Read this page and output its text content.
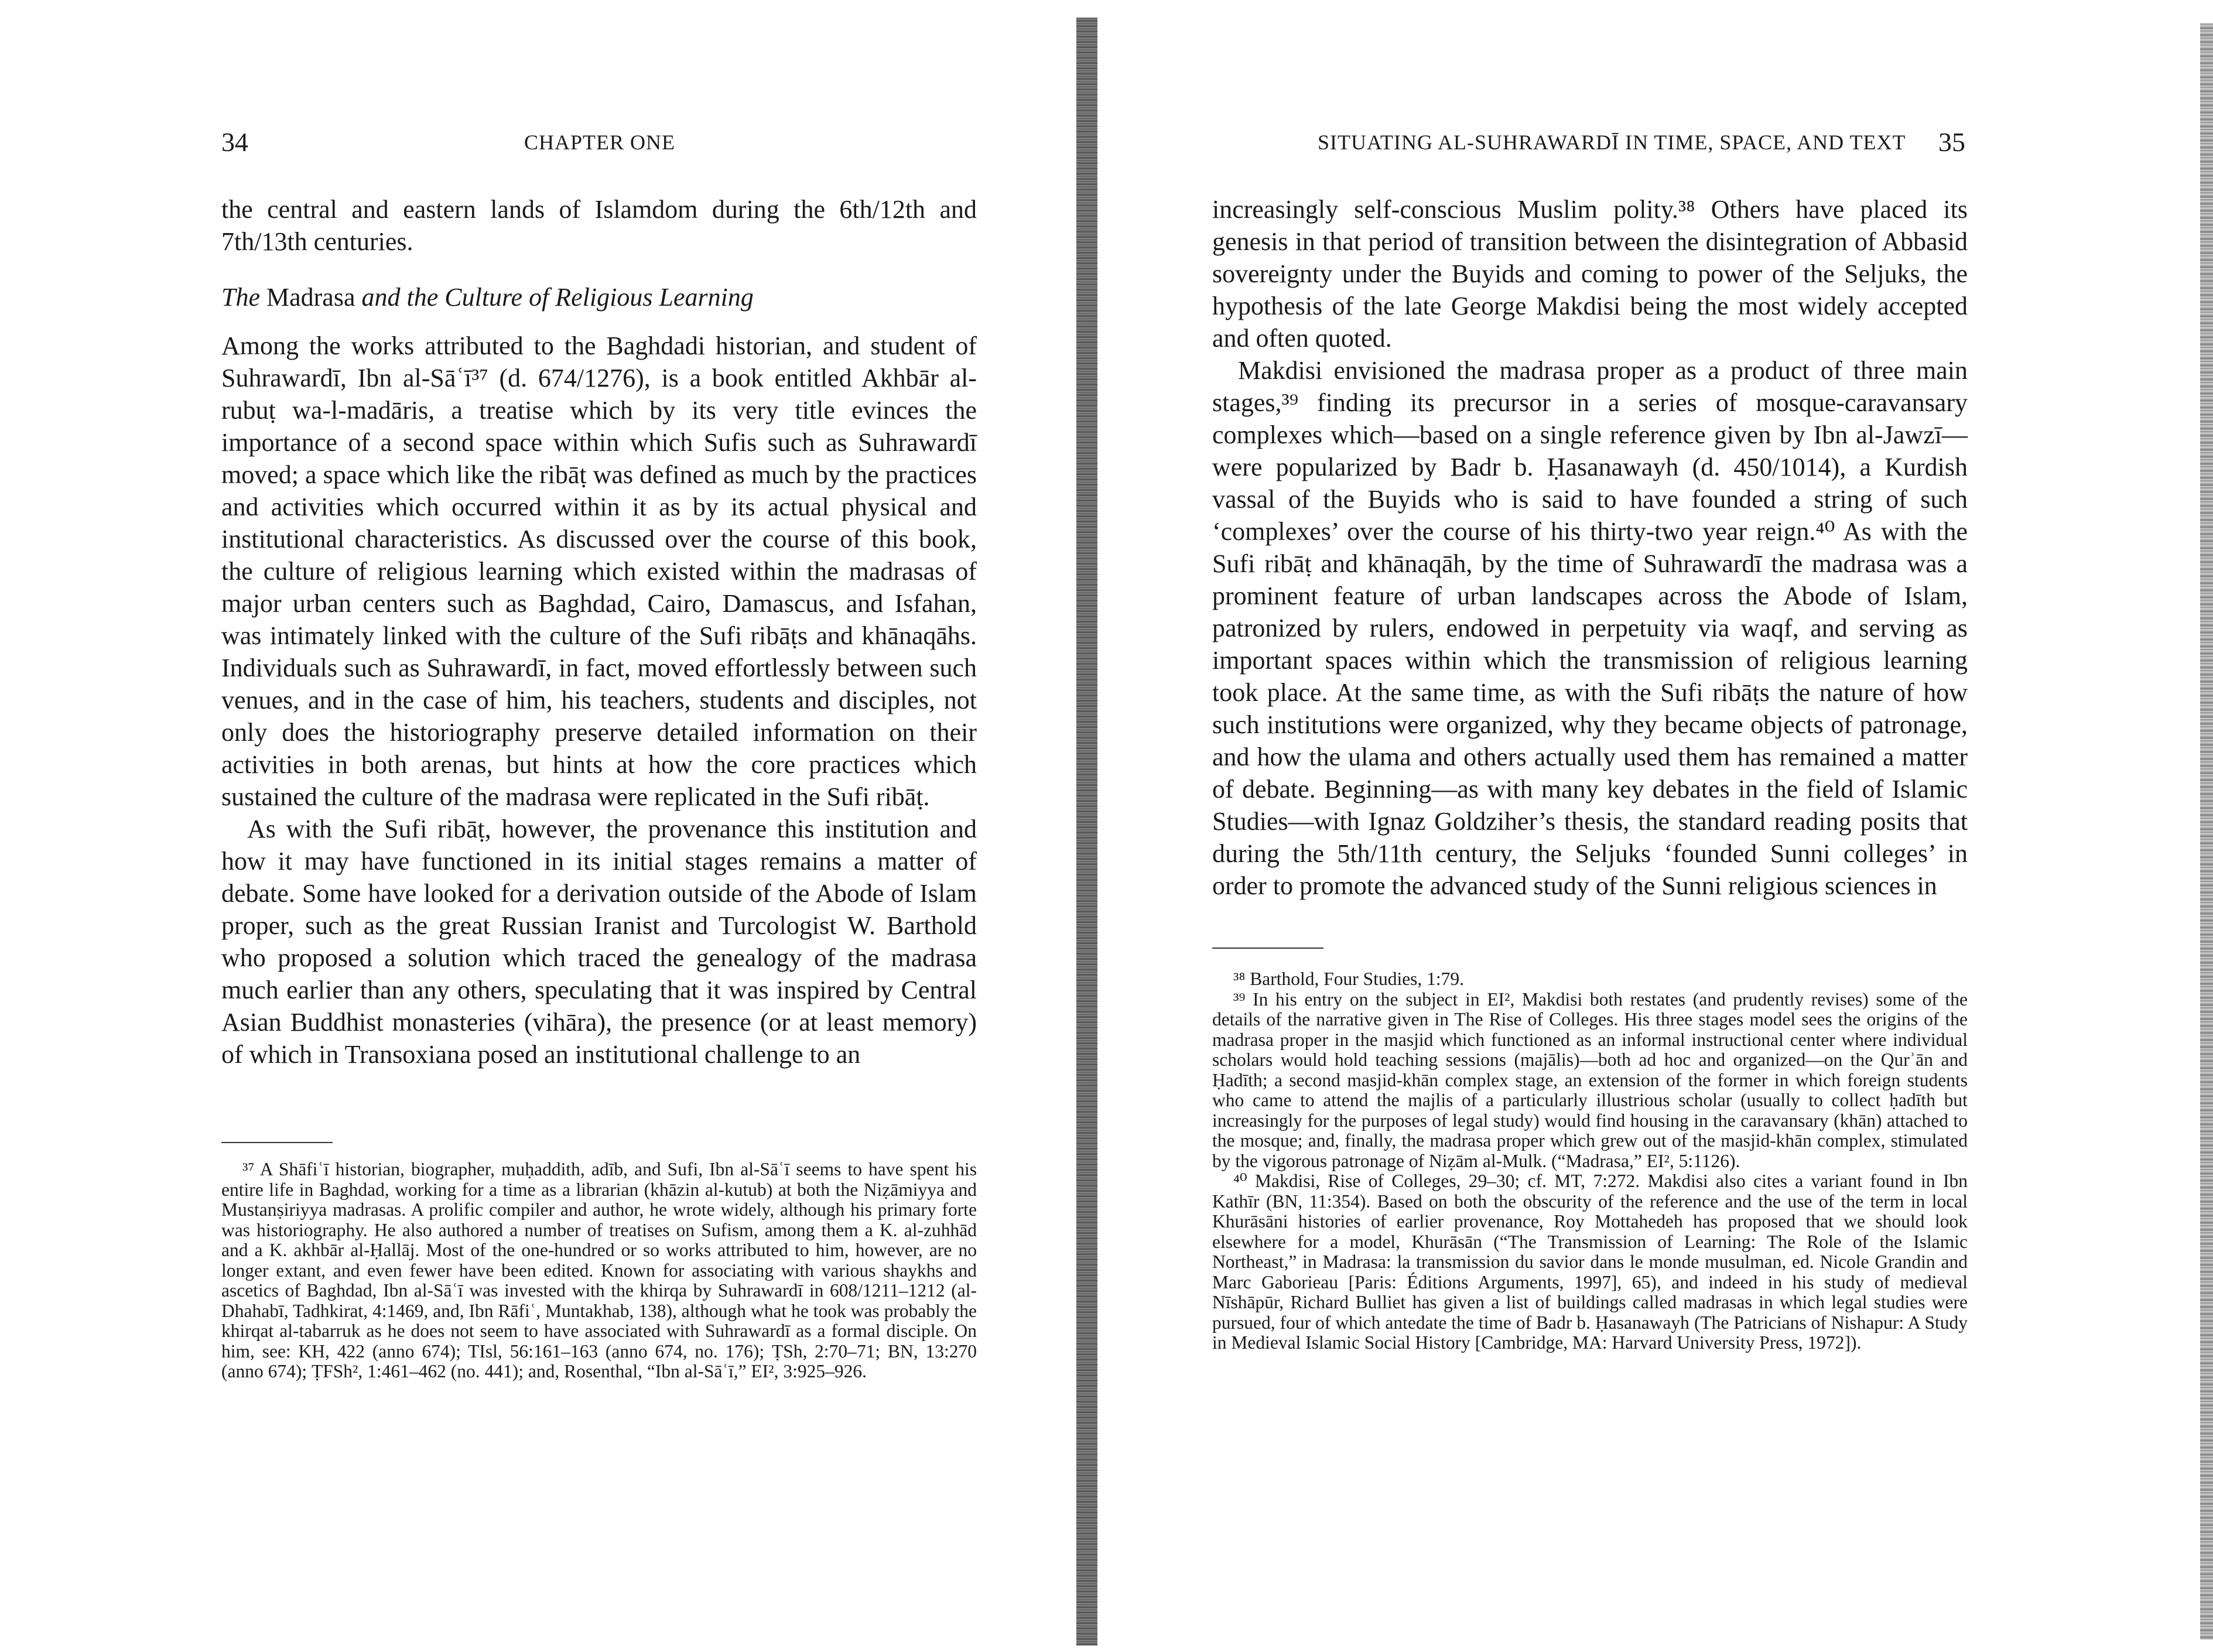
34	CHAPTER ONE

the central and eastern lands of Islamdom during the 6th/12th and 7th/13th centuries.

The Madrasa and the Culture of Religious Learning

Among the works attributed to the Baghdadi historian, and student of Suhrawardī, Ibn al-Sāʿī³⁷ (d. 674/1276), is a book entitled Akhbār al-rubuṭ wa-l-madāris, a treatise which by its very title evinces the importance of a second space within which Sufis such as Suhrawardī moved; a space which like the ribāṭ was defined as much by the practices and activities which occurred within it as by its actual physical and institutional characteristics. As discussed over the course of this book, the culture of religious learning which existed within the madrasas of major urban centers such as Baghdad, Cairo, Damascus, and Isfahan, was intimately linked with the culture of the Sufi ribāṭs and khānaqāhs. Individuals such as Suhrawardī, in fact, moved effortlessly between such venues, and in the case of him, his teachers, students and disciples, not only does the historiography preserve detailed information on their activities in both arenas, but hints at how the core practices which sustained the culture of the madrasa were replicated in the Sufi ribāṭ.

As with the Sufi ribāṭ, however, the provenance this institution and how it may have functioned in its initial stages remains a matter of debate. Some have looked for a derivation outside of the Abode of Islam proper, such as the great Russian Iranist and Turcologist W. Barthold who proposed a solution which traced the genealogy of the madrasa much earlier than any others, speculating that it was inspired by Central Asian Buddhist monasteries (vihāra), the presence (or at least memory) of which in Transoxiana posed an institutional challenge to an

³⁷ A Shāfiʿī historian, biographer, muḥaddith, adīb, and Sufi, Ibn al-Sāʿī seems to have spent his entire life in Baghdad, working for a time as a librarian (khāzin al-kutub) at both the Niẓāmiyya and Mustanṣiriyya madrasas. A prolific compiler and author, he wrote widely, although his primary forte was historiography. He also authored a number of treatises on Sufism, among them a K. al-zuhhād and a K. akhbār al-Ḥallāj. Most of the one-hundred or so works attributed to him, however, are no longer extant, and even fewer have been edited. Known for associating with various shaykhs and ascetics of Baghdad, Ibn al-Sāʿī was invested with the khirqa by Suhrawardī in 608/1211–1212 (al-Dhahabī, Tadhkirat, 4:1469, and, Ibn Rāfiʿ, Muntakhab, 138), although what he took was probably the khirqat al-tabarruk as he does not seem to have associated with Suhrawardī as a formal disciple. On him, see: KH, 422 (anno 674); TIsl, 56:161–163 (anno 674, no. 176); ṬSh, 2:70–71; BN, 13:270 (anno 674); ṬFSh², 1:461–462 (no. 441); and, Rosenthal, “Ibn al-Sāʿī,” EI², 3:925–926.

SITUATING AL-SUHRAWARDĪ IN TIME, SPACE, AND TEXT 35

increasingly self-conscious Muslim polity.³⁸ Others have placed its genesis in that period of transition between the disintegration of Abbasid sovereignty under the Buyids and coming to power of the Seljuks, the hypothesis of the late George Makdisi being the most widely accepted and often quoted.

Makdisi envisioned the madrasa proper as a product of three main stages,³⁹ finding its precursor in a series of mosque-caravansary complexes which—based on a single reference given by Ibn al-Jawzī—were popularized by Badr b. Ḥasanawayh (d. 450/1014), a Kurdish vassal of the Buyids who is said to have founded a string of such ‘complexes’ over the course of his thirty-two year reign.⁴⁰ As with the Sufi ribāṭ and khānaqāh, by the time of Suhrawardī the madrasa was a prominent feature of urban landscapes across the Abode of Islam, patronized by rulers, endowed in perpetuity via waqf, and serving as important spaces within which the transmission of religious learning took place. At the same time, as with the Sufi ribāṭs the nature of how such institutions were organized, why they became objects of patronage, and how the ulama and others actually used them has remained a matter of debate. Beginning—as with many key debates in the field of Islamic Studies—with Ignaz Goldziher’s thesis, the standard reading posits that during the 5th/11th century, the Seljuks ‘founded Sunni colleges’ in order to promote the advanced study of the Sunni religious sciences in

³⁸ Barthold, Four Studies, 1:79.

³⁹ In his entry on the subject in EI², Makdisi both restates (and prudently revises) some of the details of the narrative given in The Rise of Colleges. His three stages model sees the origins of the madrasa proper in the masjid which functioned as an informal instructional center where individual scholars would hold teaching sessions (majālis)—both ad hoc and organized—on the Qurʾān and Ḥadīth; a second masjid-khān complex stage, an extension of the former in which foreign students who came to attend the majlis of a particularly illustrious scholar (usually to collect ḥadīth but increasingly for the purposes of legal study) would find housing in the caravansary (khān) attached to the mosque; and, finally, the madrasa proper which grew out of the masjid-khān complex, stimulated by the vigorous patronage of Niẓām al-Mulk. (“Madrasa,” EI², 5:1126).

⁴⁰ Makdisi, Rise of Colleges, 29–30; cf. MT, 7:272. Makdisi also cites a variant found in Ibn Kathīr (BN, 11:354). Based on both the obscurity of the reference and the use of the term in local Khurāsāni histories of earlier provenance, Roy Mottahedeh has proposed that we should look elsewhere for a model, Khurāsān (“The Transmission of Learning: The Role of the Islamic Northeast,” in Madrasa: la transmission du savior dans le monde musulman, ed. Nicole Grandin and Marc Gaborieau [Paris: Éditions Arguments, 1997], 65), and indeed in his study of medieval Nīshāpūr, Richard Bulliet has given a list of buildings called madrasas in which legal studies were pursued, four of which antedate the time of Badr b. Ḥasanawayh (The Patricians of Nishapur: A Study in Medieval Islamic Social History [Cambridge, MA: Harvard University Press, 1972]).
